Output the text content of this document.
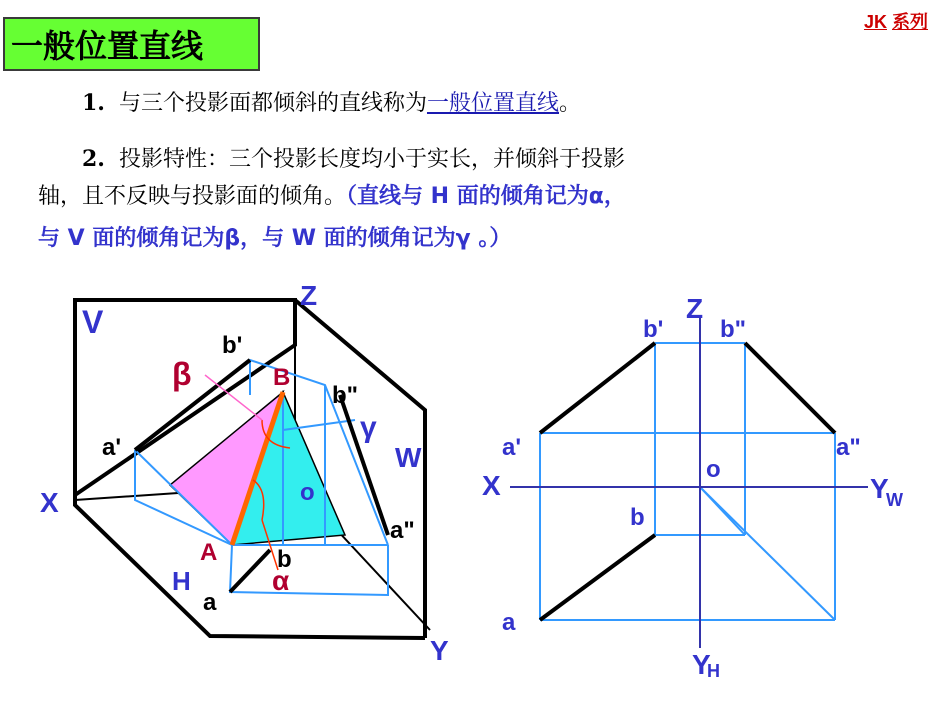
一般位置直线
JK 系列
1. 与三个投影面都倾斜的直线称为一般位置直线。
2. 投影特性：三个投影长度均小于实长，并倾斜于投影
轴，且不反映与投影面的倾角。（直线与 H 面的倾角记为α，
与 V 面的倾角记为β，与 W 面的倾角记为γ 。）
V
Z
X
W
H
Y
o
b'
a'
b"
a"
b
a
B
A
β
α
γ
Z
b' b"
a'	a"
X
o
Y
W
b
a
Y
H
